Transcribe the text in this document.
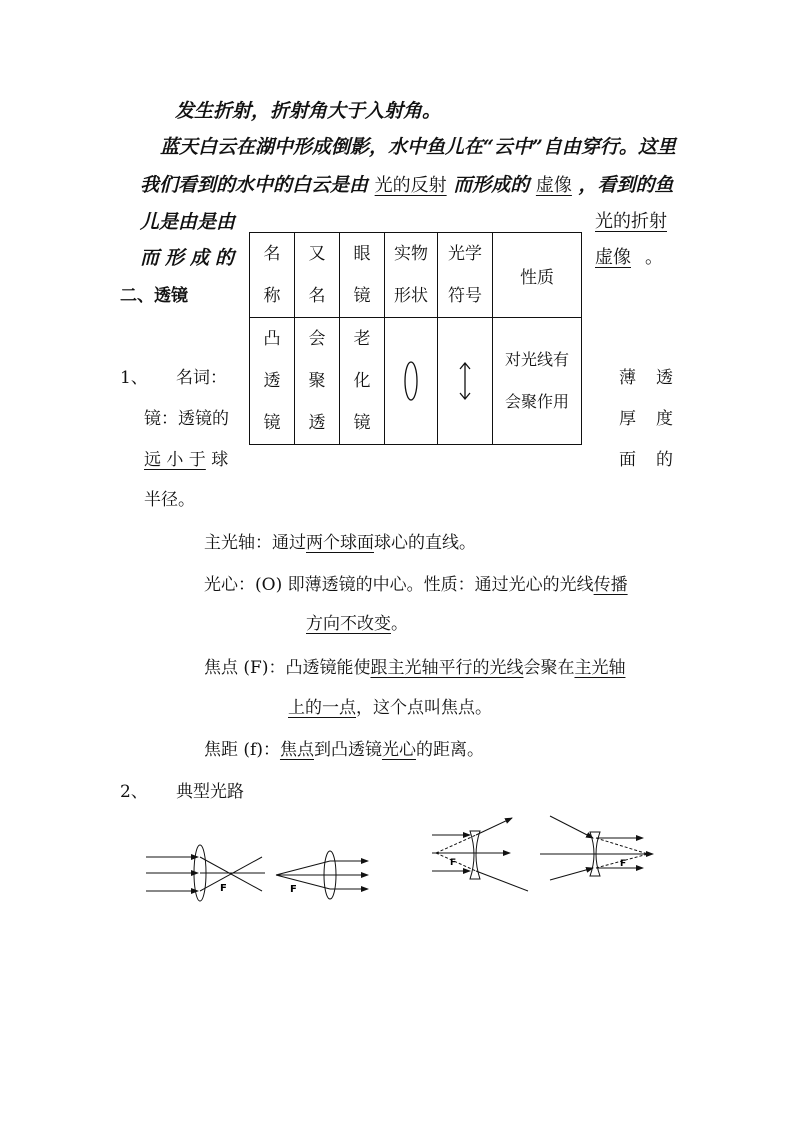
发生折射，折射角大于入射角。
蓝天白云在湖中形成倒影，水中鱼儿在“云中”自由穿行。这里
我们看到的水中的白云是由 光的反射 而形成的 虚像 ，看到的鱼
儿是由是由	光的折射
而形成的	虚像 。
二、透镜
名称	又名	眼镜	实物形状	光学符号	性质

凸透镜	会聚透	老化镜			对光线有会聚作用
1、 名词：
镜：透镜的
远 小 于 球
半径。
薄
厚
面
透
度
的
主光轴：通过两个球面球心的直线。
光心：(O) 即薄透镜的中心。性质：通过光心的光线传播
方向不改变。
焦点 (F)：凸透镜能使跟主光轴平行的光线会聚在主光轴
上的一点，这个点叫焦点。
焦距 (f)：焦点到凸透镜光心的距离。
2、 典型光路
F	F
F	F
